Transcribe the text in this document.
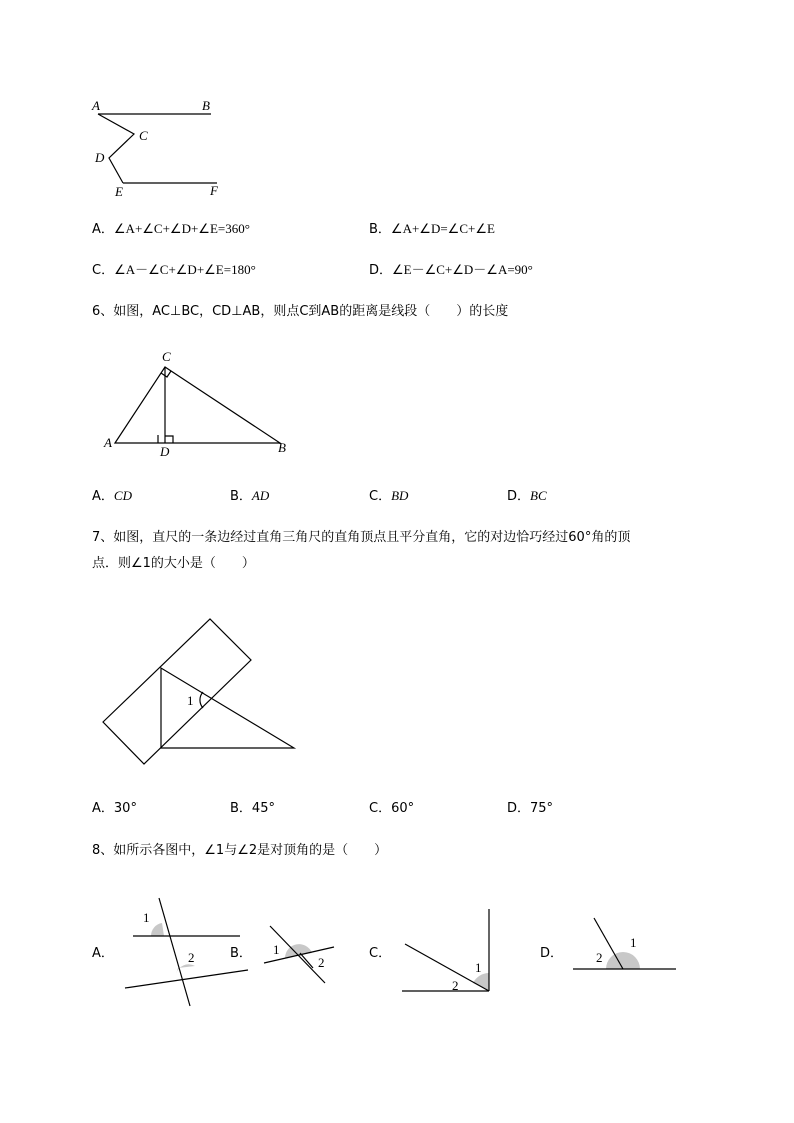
A	B
C
D
E	F
A．∠A+∠C+∠D+∠E=360°	B．∠A+∠D=∠C+∠E
C．∠A－∠C+∠D+∠E=180°	D．∠E－∠C+∠D－∠A=90°
6、如图，AC⊥BC，CD⊥AB，则点C到AB的距离是线段（　　）的长度
C
A
D	B
A．CD	B．AD	C．BD	D．BC
7、如图，直尺的一条边经过直角三角尺的直角顶点且平分直角，它的对边恰巧经过60°角的顶
点．则∠1的大小是（　　）
1
A．30°	B．45°	C．60°	D．75°
8、如所示各图中，∠1与∠2是对顶角的是（　　）
A．	B．	C．	D．
1
2
1
2	1
2
1
2
